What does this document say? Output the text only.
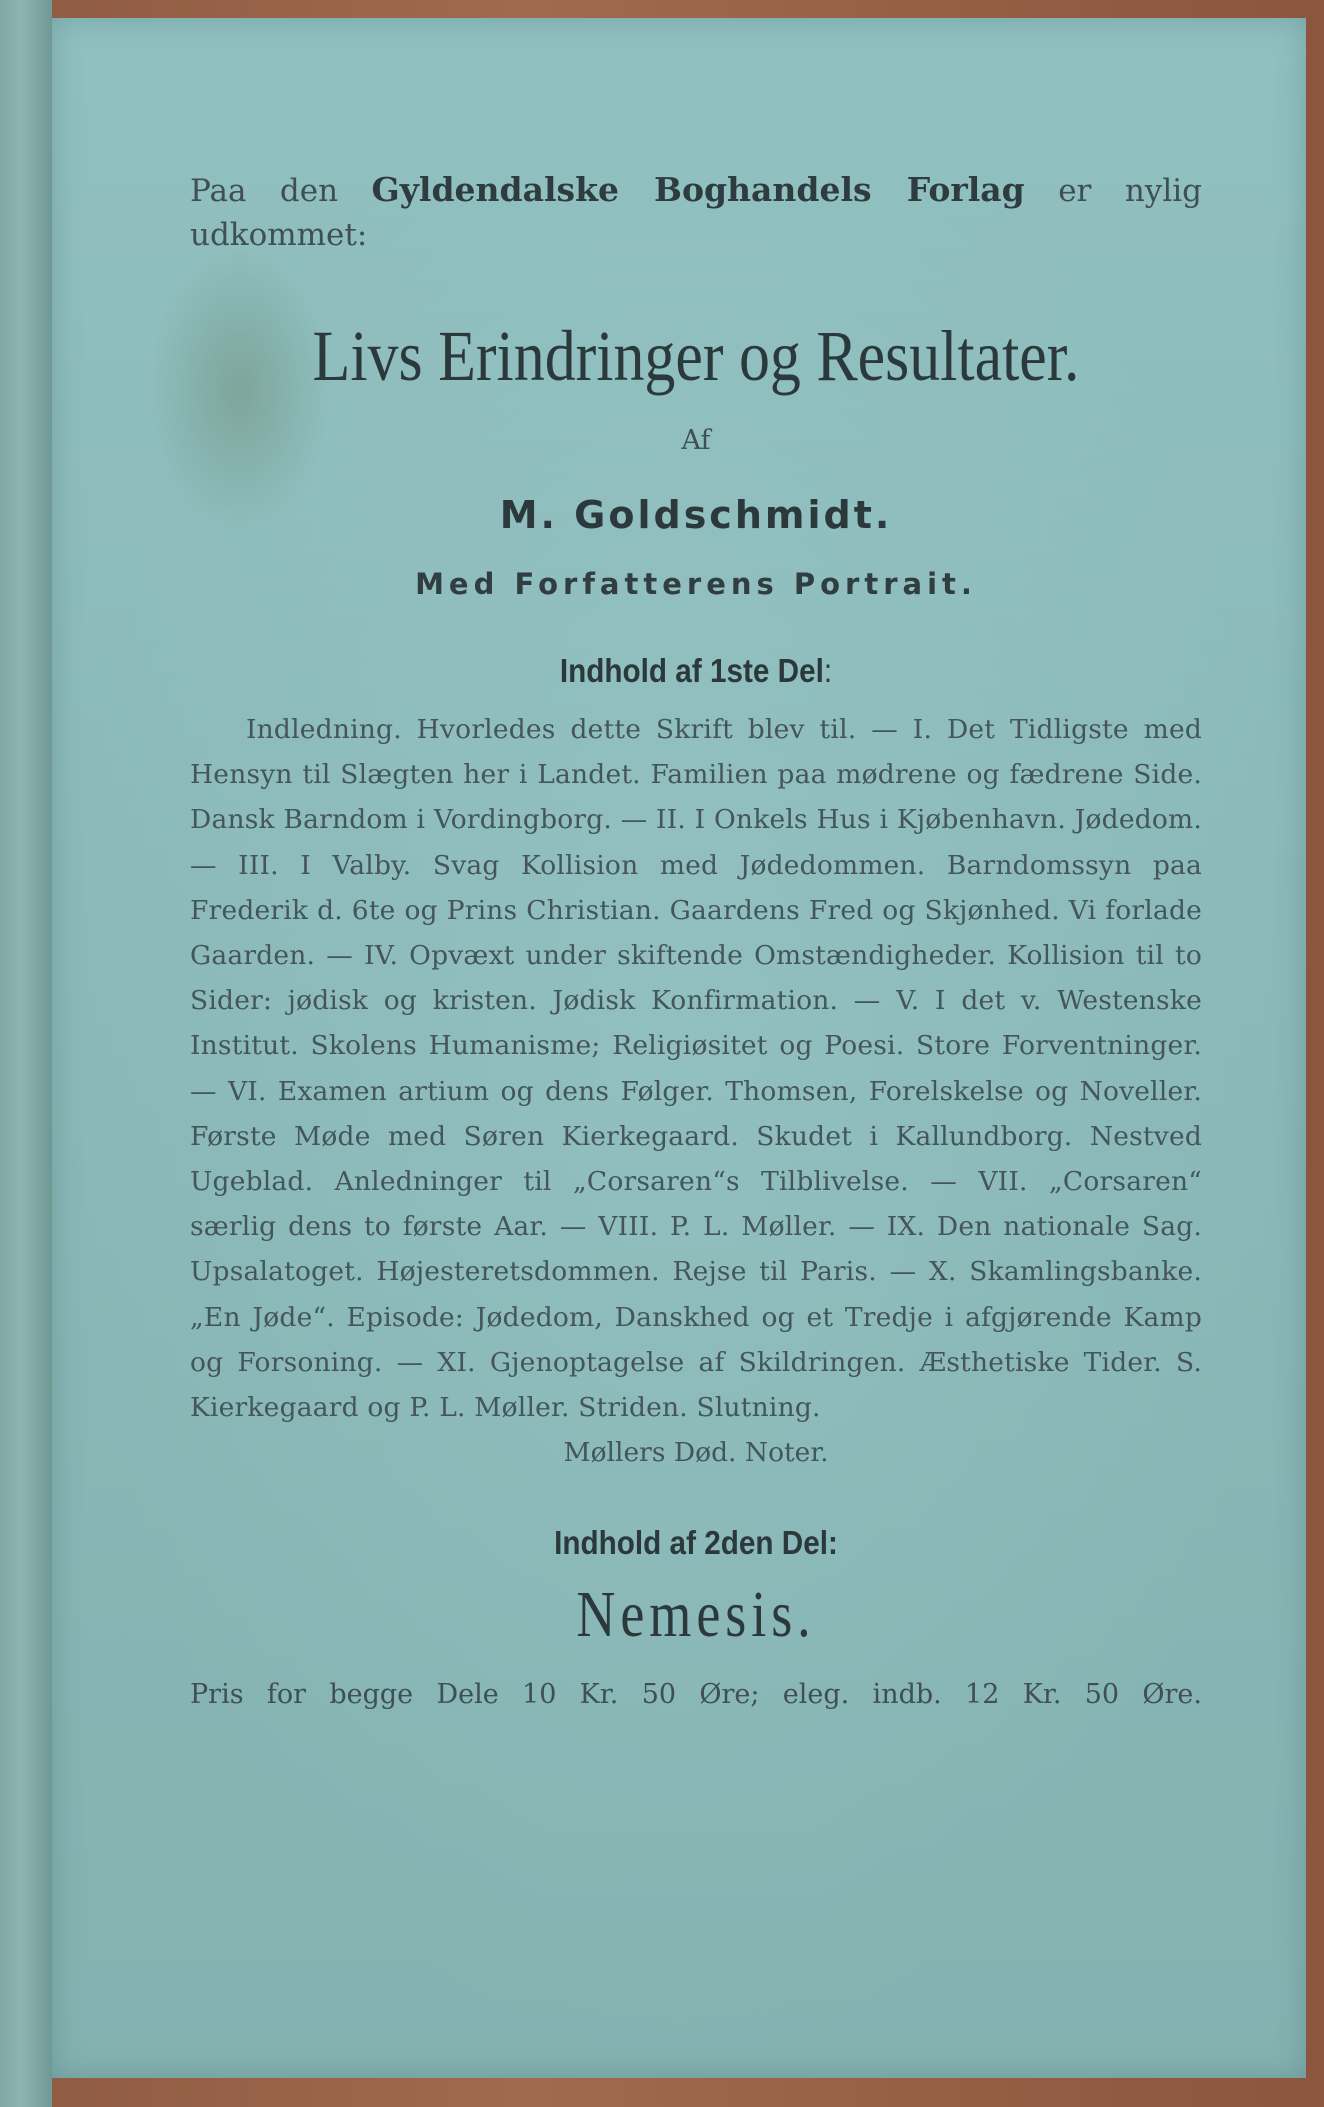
Paa den Gyldendalske Boghandels Forlag er nylig udkommet:

Livs Erindringer og Resultater.
Af
M. Goldschmidt.
Med Forfatterens Portrait.
Indhold af 1ste Del:

Indledning. Hvorledes dette Skrift blev til. — I. Det Tidligste med Hensyn til Slægten her i Landet. Familien paa mødrene og fædrene Side. Dansk Barndom i Vordingborg. — II. I Onkels Hus i Kjøbenhavn. Jødedom. — III. I Valby. Svag Kollision med Jødedommen. Barndomssyn paa Frederik d. 6te og Prins Christian. Gaardens Fred og Skjønhed. Vi forlade Gaarden. — IV. Opvæxt under skiftende Omstændigheder. Kollision til to Sider: jødisk og kristen. Jødisk Konfirmation. — V. I det v. Westenske Institut. Skolens Humanisme; Religiøsitet og Poesi. Store Forventninger. — VI. Examen artium og dens Følger. Thomsen, Forelskelse og Noveller. Første Møde med Søren Kierkegaard. Skudet i Kallundborg. Nestved Ugeblad. Anledninger til „Corsaren“s Tilblivelse. — VII. „Corsaren“ særlig dens to første Aar. — VIII. P. L. Møller. — IX. Den nationale Sag. Upsalatoget. Højesteretsdommen. Rejse til Paris. — X. Skamlingsbanke. „En Jøde“. Episode: Jødedom, Danskhed og et Tredje i afgjørende Kamp og Forsoning. — XI. Gjenoptagelse af Skildringen. Æsthetiske Tider. S. Kierkegaard og P. L. Møller. Striden. Slutning.

Møllers Død. Noter.
Indhold af 2den Del:
Nemesis.

Pris for begge Dele 10 Kr. 50 Øre; eleg. indb. 12 Kr. 50 Øre.
